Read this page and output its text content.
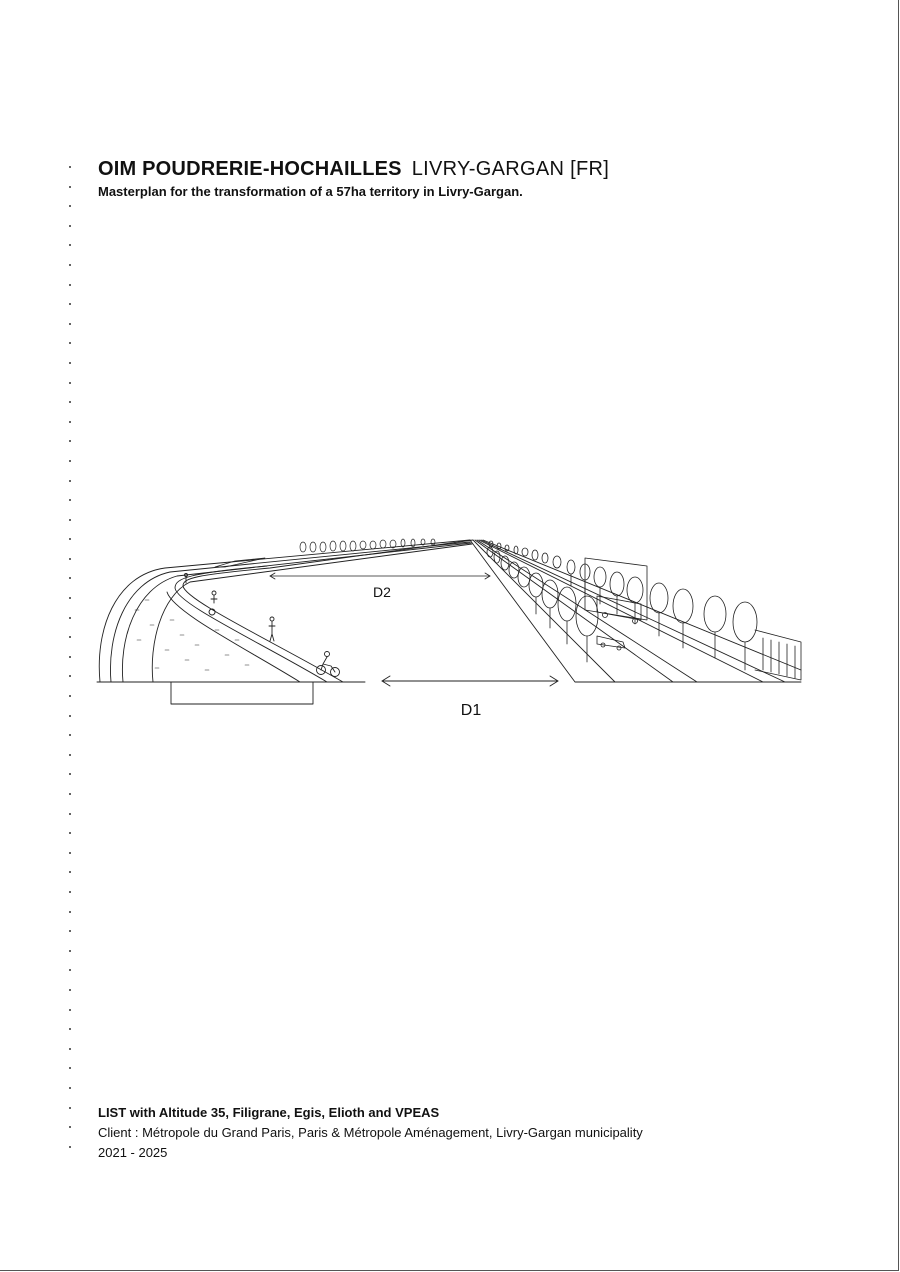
OIM POUDRERIE-HOCHAILLES LIVRY-GARGAN [FR]
Masterplan for the transformation of a 57ha territory in Livry-Gargan.
D2
D1
LIST with Altitude 35, Filigrane, Egis, Elioth and VPEAS
Client : Métropole du Grand Paris, Paris & Métropole Aménagement, Livry-Gargan municipality
2021 - 2025
